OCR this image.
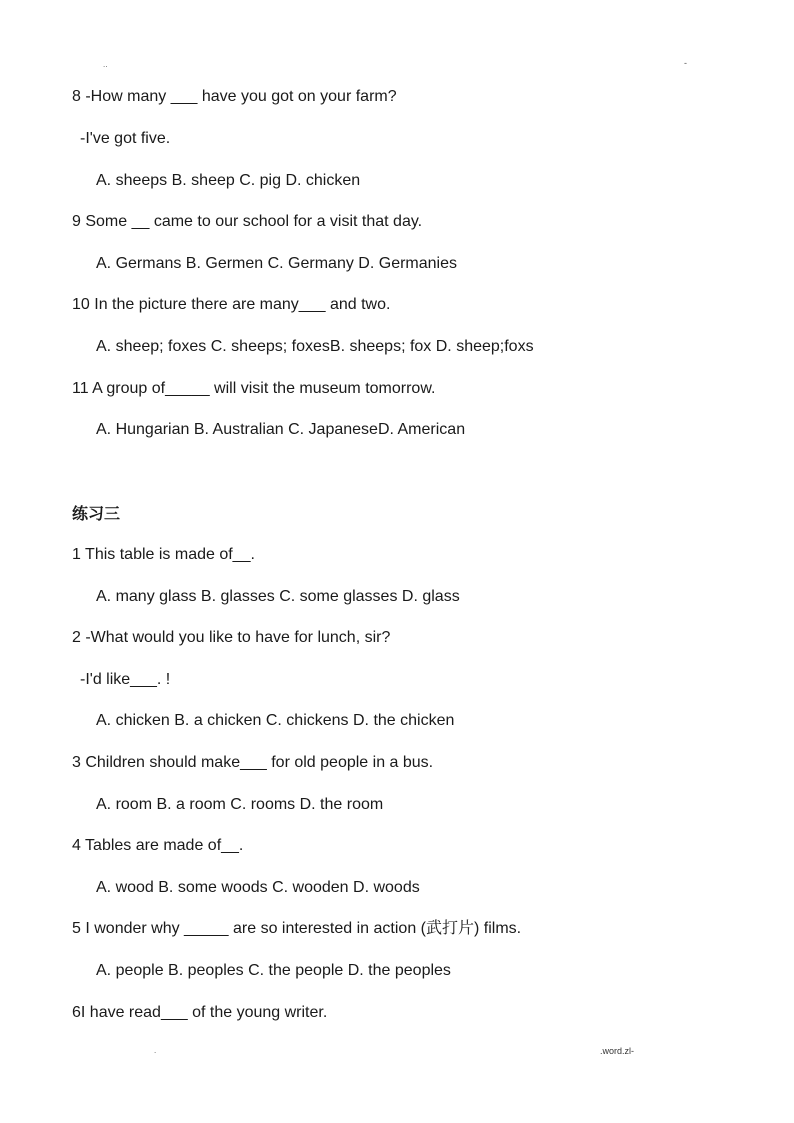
..	-
8 -How many ___ have you got on your farm?
-I've got five.
A. sheeps B. sheep C. pig D. chicken
9 Some __ came to our school for a visit that day.
A. Germans B. Germen C. Germany D. Germanies
10 In the picture there are many___ and two.
A. sheep; foxes C. sheeps; foxesB. sheeps; fox D. sheep;foxs
11 A group of_____ will visit the museum tomorrow.
A. Hungarian B. Australian C. JapaneseD. American
练习三
1 This table is made of__.
A. many glass B. glasses C. some glasses D. glass
2 -What would you like to have for lunch, sir?
-I'd like___. !
A. chicken B. a chicken C. chickens D. the chicken
3 Children should make___ for old people in a bus.
A. room B. a room C. rooms D. the room
4 Tables are made of__.
A. wood B. some woods C. wooden D. woods
5 I wonder why _____ are so interested in action (武打片) films.
A. people B. peoples C. the people D. the peoples
6I have read___ of the young writer.
.	.word.zl-
